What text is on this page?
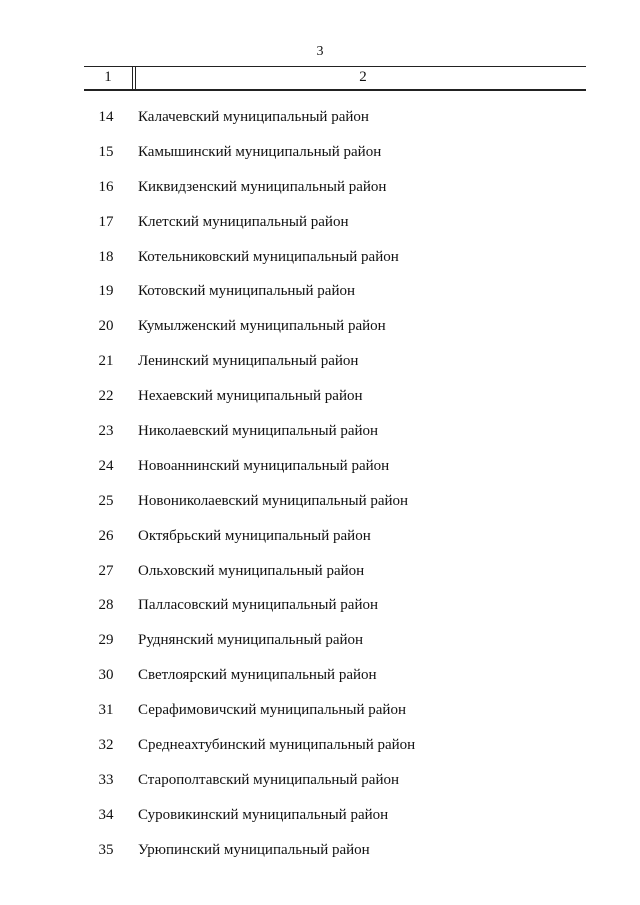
3
1	2
14	Калачевский муниципальный район
15	Камышинский муниципальный район
16	Киквидзенский муниципальный район
17	Клетский муниципальный район
18	Котельниковский муниципальный район
19	Котовский муниципальный район
20	Кумылженский муниципальный район
21	Ленинский муниципальный район
22	Нехаевский муниципальный район
23	Николаевский муниципальный район
24	Новоаннинский муниципальный район
25	Новониколаевский муниципальный район
26	Октябрьский муниципальный район
27	Ольховский муниципальный район
28	Палласовский муниципальный район
29	Руднянский муниципальный район
30	Светлоярский муниципальный район
31	Серафимовичский муниципальный район
32	Среднеахтубинский муниципальный район
33	Старополтавский муниципальный район
34	Суровикинский муниципальный район
35	Урюпинский муниципальный район
